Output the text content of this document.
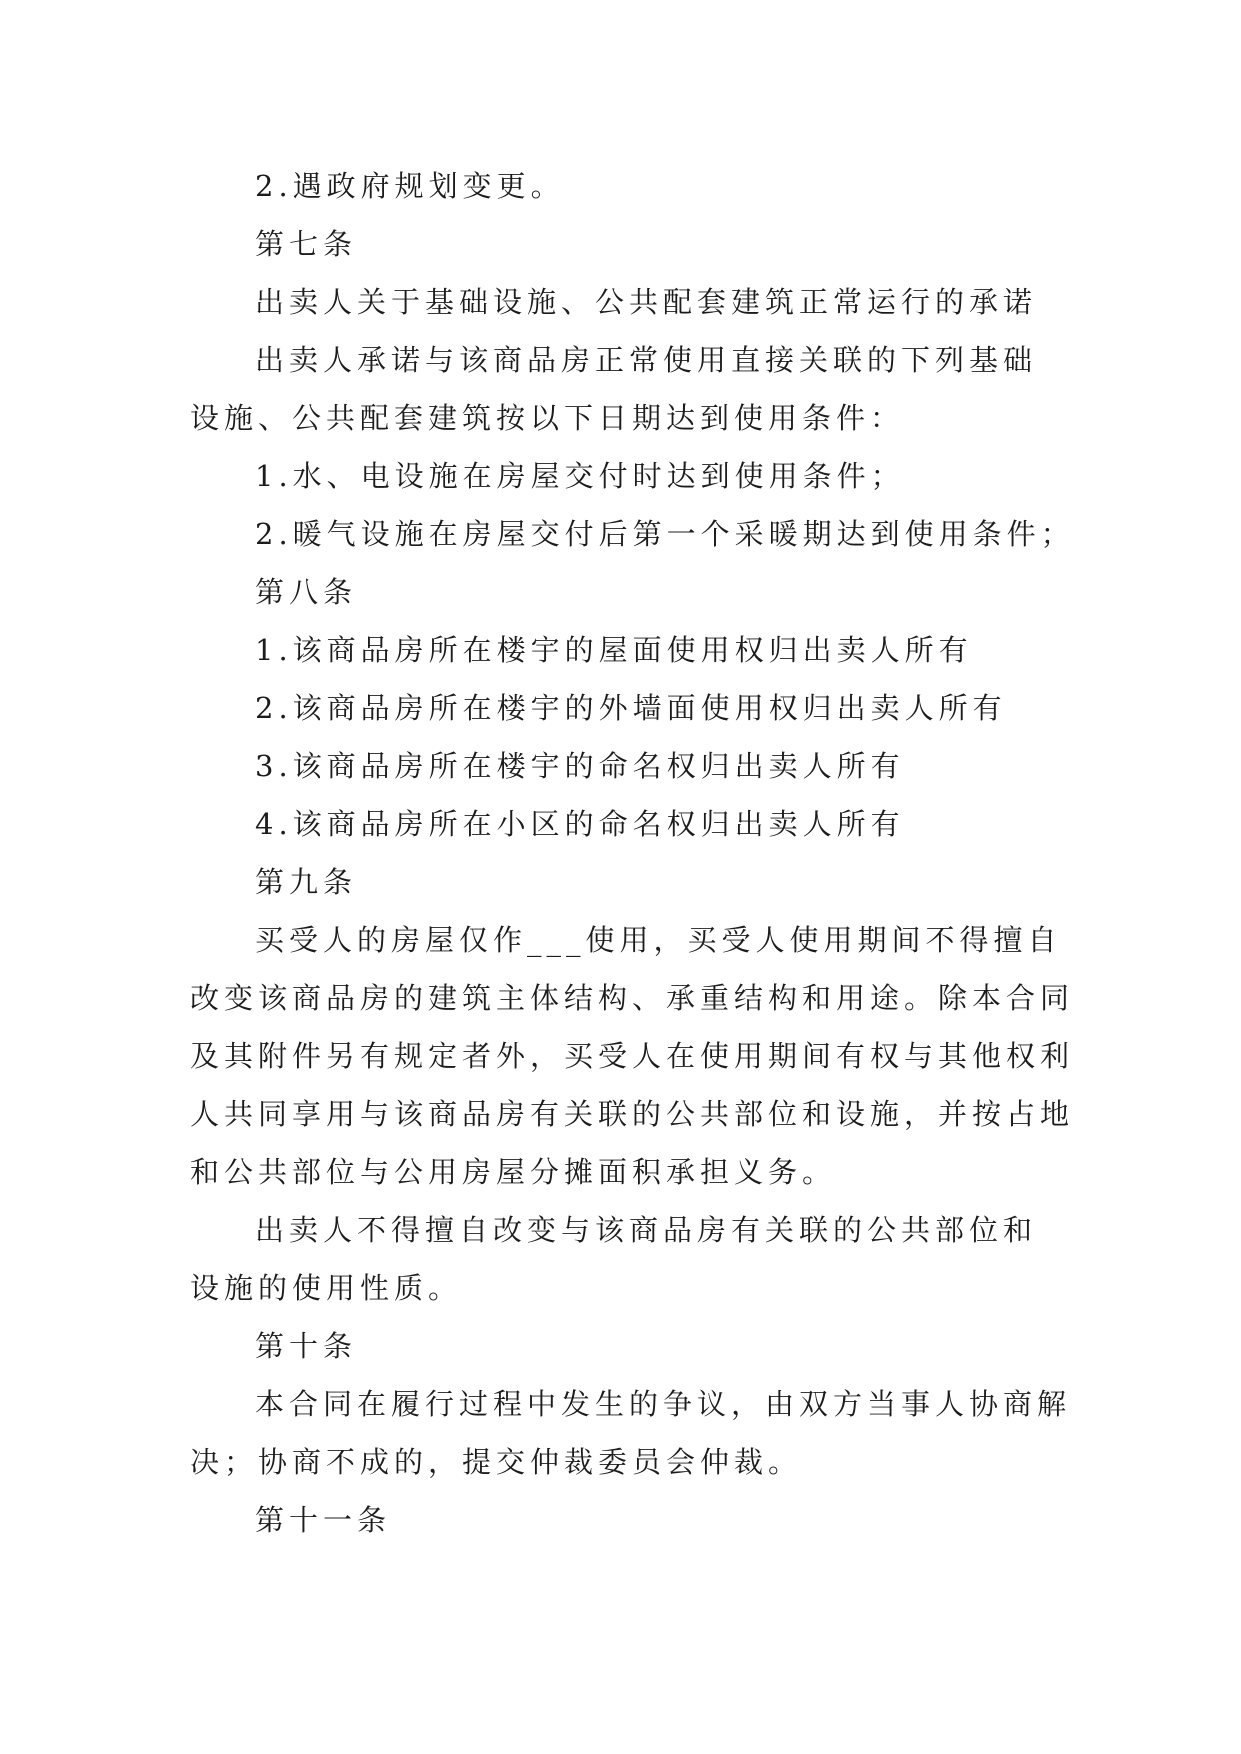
2.遇政府规划变更。
第七条
出卖人关于基础设施、公共配套建筑正常运行的承诺
出卖人承诺与该商品房正常使用直接关联的下列基础
设施、公共配套建筑按以下日期达到使用条件：
1.水、电设施在房屋交付时达到使用条件；
2.暖气设施在房屋交付后第一个采暖期达到使用条件；
第八条
1.该商品房所在楼宇的屋面使用权归出卖人所有
2.该商品房所在楼宇的外墙面使用权归出卖人所有
3.该商品房所在楼宇的命名权归出卖人所有
4.该商品房所在小区的命名权归出卖人所有
第九条
买受人的房屋仅作___使用，买受人使用期间不得擅自
改变该商品房的建筑主体结构、承重结构和用途。除本合同
及其附件另有规定者外，买受人在使用期间有权与其他权利
人共同享用与该商品房有关联的公共部位和设施，并按占地
和公共部位与公用房屋分摊面积承担义务。
出卖人不得擅自改变与该商品房有关联的公共部位和
设施的使用性质。
第十条
本合同在履行过程中发生的争议，由双方当事人协商解
决；协商不成的，提交仲裁委员会仲裁。
第十一条
